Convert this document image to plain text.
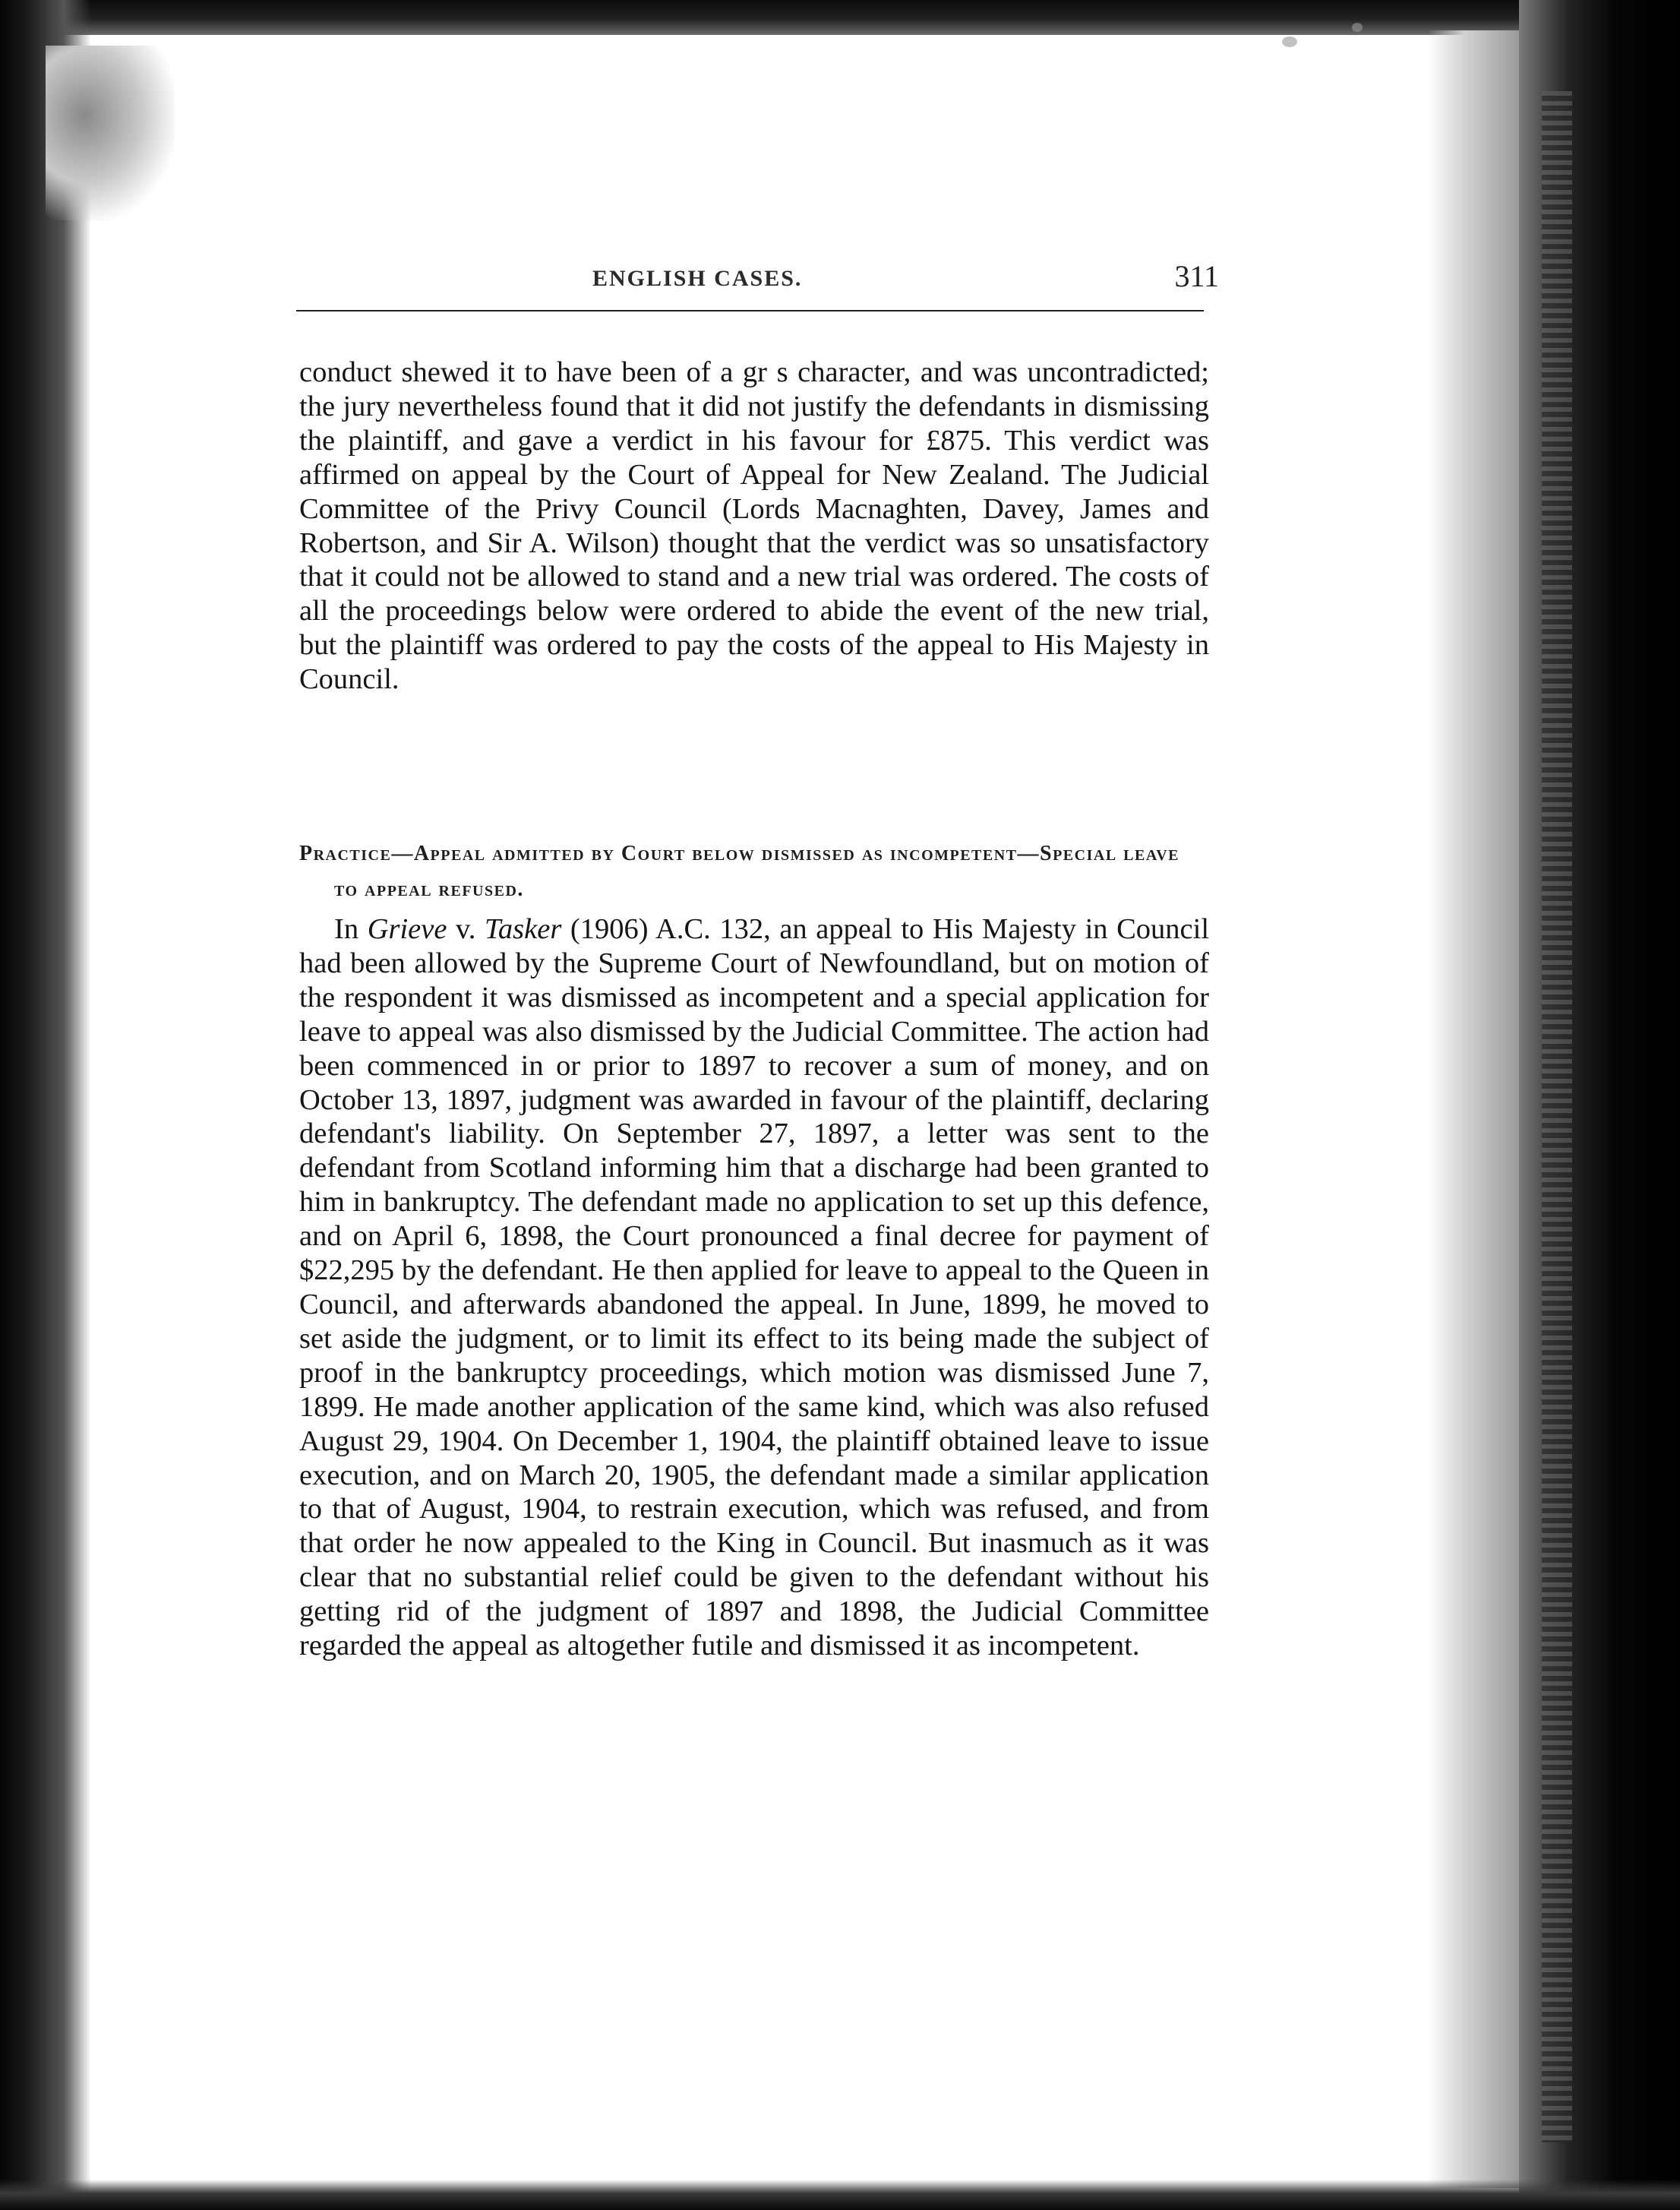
ENGLISH CASES.	311

conduct shewed it to have been of a gr s character, and was uncontradicted; the jury nevertheless found that it did not justify the defendants in dismissing the plaintiff, and gave a verdict in his favour for £875. This verdict was affirmed on appeal by the Court of Appeal for New Zealand. The Judicial Committee of the Privy Council (Lords Macnaghten, Davey, James and Robertson, and Sir A. Wilson) thought that the verdict was so unsatisfactory that it could not be allowed to stand and a new trial was ordered. The costs of all the proceedings below were ordered to abide the event of the new trial, but the plaintiff was ordered to pay the costs of the appeal to His Majesty in Council.

Practice—Appeal admitted by Court below dismissed as incompetent—Special leave to appeal refused.

In Grieve v. Tasker (1906) A.C. 132, an appeal to His Majesty in Council had been allowed by the Supreme Court of Newfoundland, but on motion of the respondent it was dismissed as incompetent and a special application for leave to appeal was also dismissed by the Judicial Committee. The action had been commenced in or prior to 1897 to recover a sum of money, and on October 13, 1897, judgment was awarded in favour of the plaintiff, declaring defendant's liability. On September 27, 1897, a letter was sent to the defendant from Scotland informing him that a discharge had been granted to him in bankruptcy. The defendant made no application to set up this defence, and on April 6, 1898, the Court pronounced a final decree for payment of $22,295 by the defendant. He then applied for leave to appeal to the Queen in Council, and afterwards abandoned the appeal. In June, 1899, he moved to set aside the judgment, or to limit its effect to its being made the subject of proof in the bankruptcy proceedings, which motion was dismissed June 7, 1899. He made another application of the same kind, which was also refused August 29, 1904. On December 1, 1904, the plaintiff obtained leave to issue execution, and on March 20, 1905, the defendant made a similar application to that of August, 1904, to restrain execution, which was refused, and from that order he now appealed to the King in Council. But inasmuch as it was clear that no substantial relief could be given to the defendant without his getting rid of the judgment of 1897 and 1898, the Judicial Committee regarded the appeal as altogether futile and dismissed it as incompetent.
